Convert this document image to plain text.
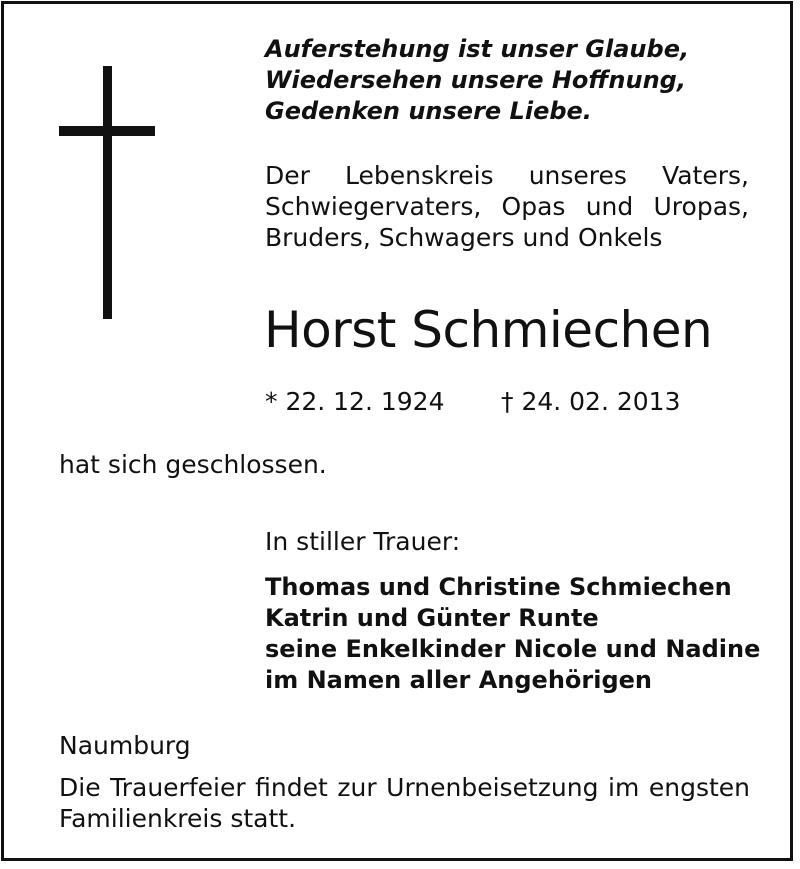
Auferstehung ist unser Glaube,
Wiedersehen unsere Hoffnung,
Gedenken unsere Liebe.
Der Lebenskreis unseres Vaters,
Schwiegervaters, Opas und Uropas,
Bruders, Schwagers und Onkels
Horst Schmiechen
* 22. 12. 1924 † 24. 02. 2013
hat sich geschlossen.
In stiller Trauer:
Thomas und Christine Schmiechen
Katrin und Günter Runte
seine Enkelkinder Nicole und Nadine
im Namen aller Angehörigen
Naumburg
Die Trauerfeier findet zur Urnenbeisetzung im engsten
Familienkreis statt.
